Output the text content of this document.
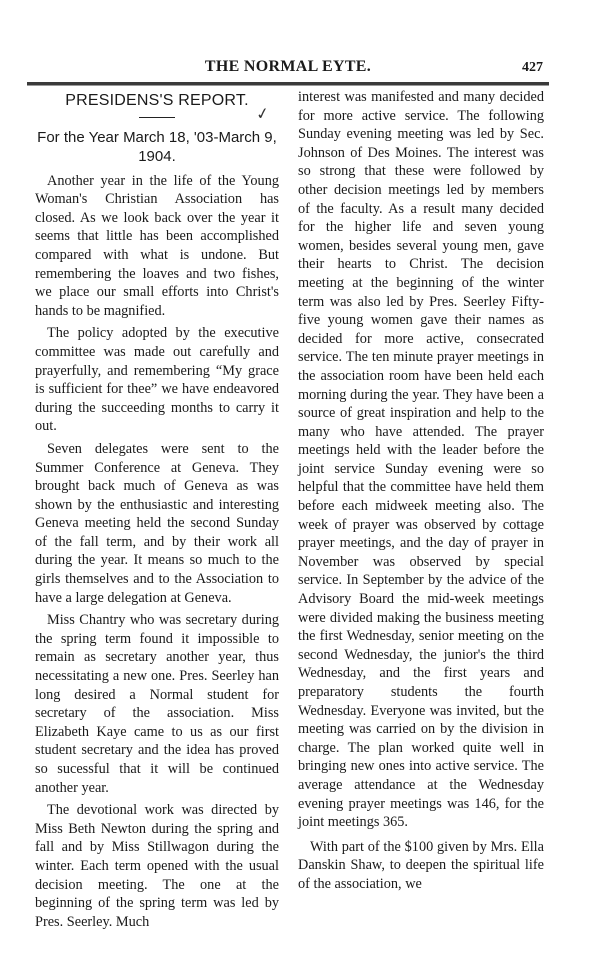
THE NORMAL EYTE.	427
✓
PRESIDENS'S REPORT.
For the Year March 18, '03-March 9, 1904.

Another year in the life of the Young Woman's Christian Association has closed. As we look back over the year it seems that little has been accomplished compared with what is undone. But remembering the loaves and two fishes, we place our small efforts into Christ's hands to be magnified.

The policy adopted by the executive committee was made out carefully and prayerfully, and remembering “My grace is sufficient for thee” we have endeavored during the succeeding months to carry it out.

Seven delegates were sent to the Summer Conference at Geneva. They brought back much of Geneva as was shown by the enthusiastic and interesting Geneva meeting held the second Sunday of the fall term, and by their work all during the year. It means so much to the girls themselves and to the Association to have a large delegation at Geneva.

Miss Chantry who was secretary during the spring term found it impossible to remain as secretary another year, thus necessitating a new one. Pres. Seerley han long desired a Normal student for secretary of the association. Miss Elizabeth Kaye came to us as our first student secretary and the idea has proved so sucessful that it will be continued another year.

The devotional work was directed by Miss Beth Newton during the spring and fall and by Miss Stillwagon during the winter. Each term opened with the usual decision meeting. The one at the beginning of the spring term was led by Pres. Seerley. Much

interest was manifested and many decided for more active service. The following Sunday evening meeting was led by Sec. Johnson of Des Moines. The interest was so strong that these were followed by other decision meetings led by members of the faculty. As a result many decided for the higher life and seven young women, besides several young men, gave their hearts to Christ. The decision meeting at the beginning of the winter term was also led by Pres. Seerley Fifty-five young women gave their names as decided for more active, consecrated service. The ten minute prayer meetings in the association room have been held each morning during the year. They have been a source of great inspiration and help to the many who have attended. The prayer meetings held with the leader before the joint service Sunday evening were so helpful that the committee have held them before each midweek meeting also. The week of prayer was observed by cottage prayer meetings, and the day of prayer in November was observed by special service. In September by the advice of the Advisory Board the mid-week meetings were divided making the business meeting the first Wednesday, senior meeting on the second Wednesday, the junior's the third Wednesday, and the first years and preparatory students the fourth Wednesday. Everyone was invited, but the meeting was carried on by the division in charge. The plan worked quite well in bringing new ones into active service. The average attendance at the Wednesday evening prayer meetings was 146, for the joint meetings 365.

With part of the $100 given by Mrs. Ella Danskin Shaw, to deepen the spiritual life of the association, we
